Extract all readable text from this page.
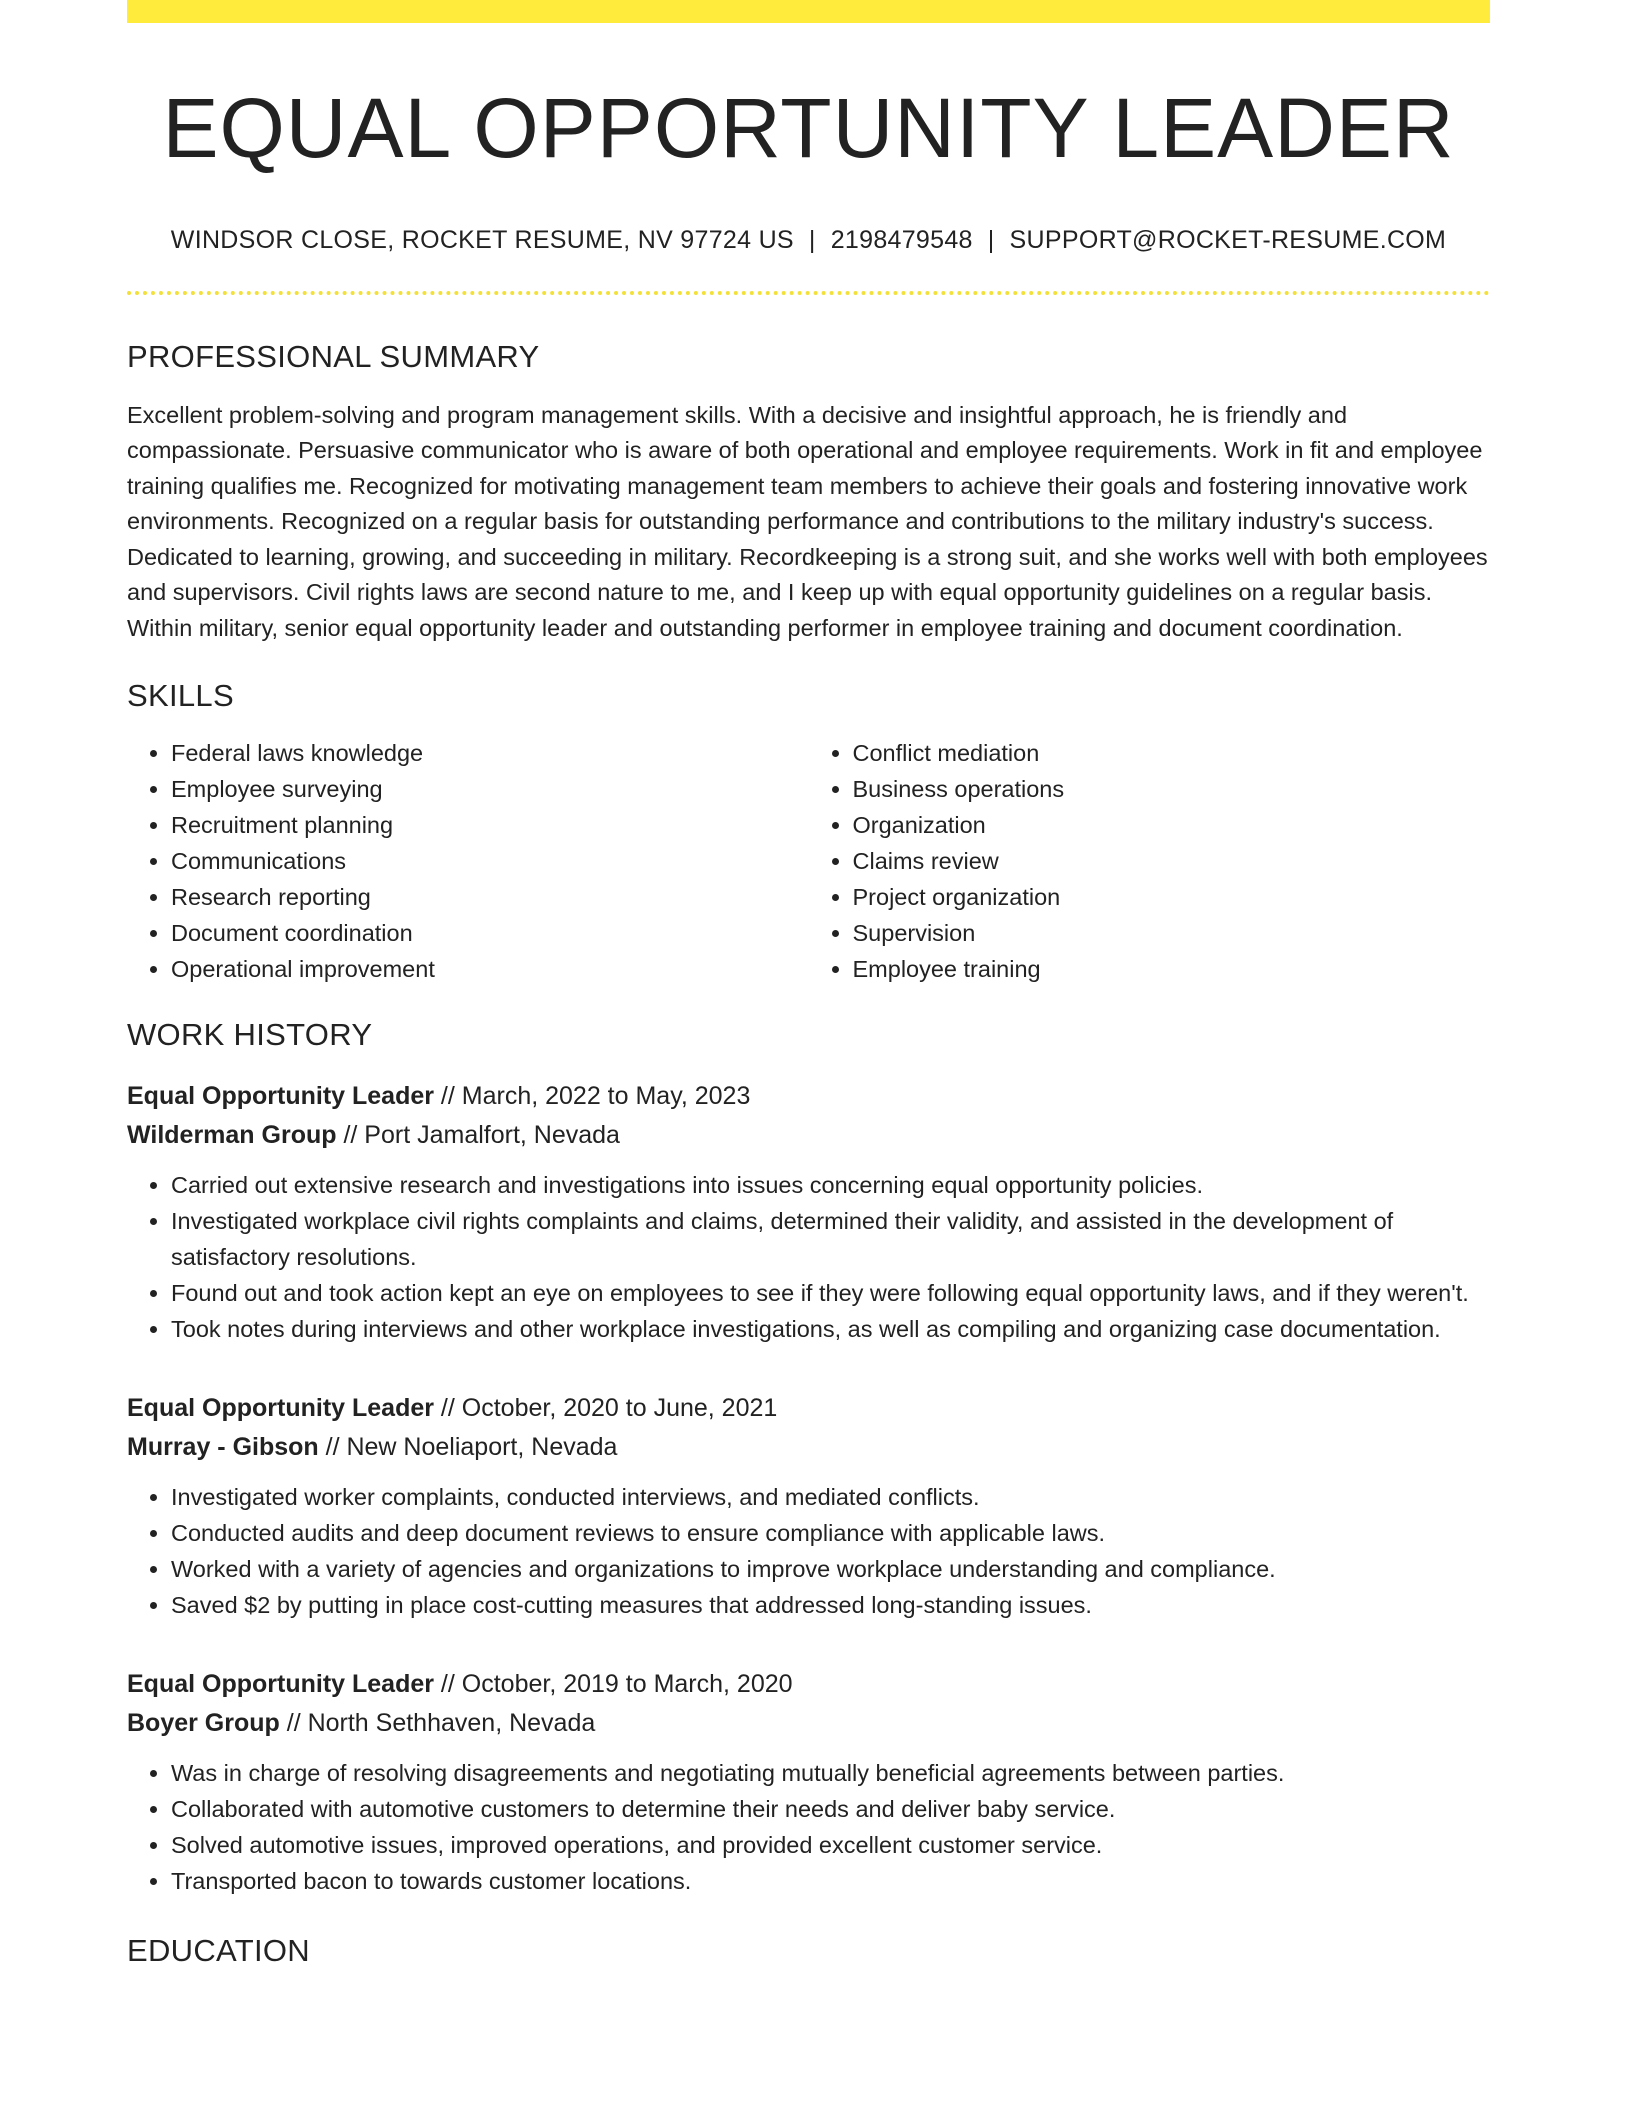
EQUAL OPPORTUNITY LEADER
WINDSOR CLOSE, ROCKET RESUME, NV 97724 US | 2198479548 | SUPPORT@ROCKET-RESUME.COM
PROFESSIONAL SUMMARY
Excellent problem-solving and program management skills. With a decisive and insightful approach, he is friendly and compassionate. Persuasive communicator who is aware of both operational and employee requirements. Work in fit and employee training qualifies me. Recognized for motivating management team members to achieve their goals and fostering innovative work environments. Recognized on a regular basis for outstanding performance and contributions to the military industry's success. Dedicated to learning, growing, and succeeding in military. Recordkeeping is a strong suit, and she works well with both employees and supervisors. Civil rights laws are second nature to me, and I keep up with equal opportunity guidelines on a regular basis. Within military, senior equal opportunity leader and outstanding performer in employee training and document coordination.
SKILLS
• Federal laws knowledge
• Employee surveying
• Recruitment planning
• Communications
• Research reporting
• Document coordination
• Operational improvement
• Conflict mediation
• Business operations
• Organization
• Claims review
• Project organization
• Supervision
• Employee training
WORK HISTORY
Equal Opportunity Leader // March, 2022 to May, 2023
Wilderman Group // Port Jamalfort, Nevada
• Carried out extensive research and investigations into issues concerning equal opportunity policies.
• Investigated workplace civil rights complaints and claims, determined their validity, and assisted in the development of satisfactory resolutions.
• Found out and took action kept an eye on employees to see if they were following equal opportunity laws, and if they weren't.
• Took notes during interviews and other workplace investigations, as well as compiling and organizing case documentation.
Equal Opportunity Leader // October, 2020 to June, 2021
Murray - Gibson // New Noeliaport, Nevada
• Investigated worker complaints, conducted interviews, and mediated conflicts.
• Conducted audits and deep document reviews to ensure compliance with applicable laws.
• Worked with a variety of agencies and organizations to improve workplace understanding and compliance.
• Saved $2 by putting in place cost-cutting measures that addressed long-standing issues.
Equal Opportunity Leader // October, 2019 to March, 2020
Boyer Group // North Sethhaven, Nevada
• Was in charge of resolving disagreements and negotiating mutually beneficial agreements between parties.
• Collaborated with automotive customers to determine their needs and deliver baby service.
• Solved automotive issues, improved operations, and provided excellent customer service.
• Transported bacon to towards customer locations.
EDUCATION
